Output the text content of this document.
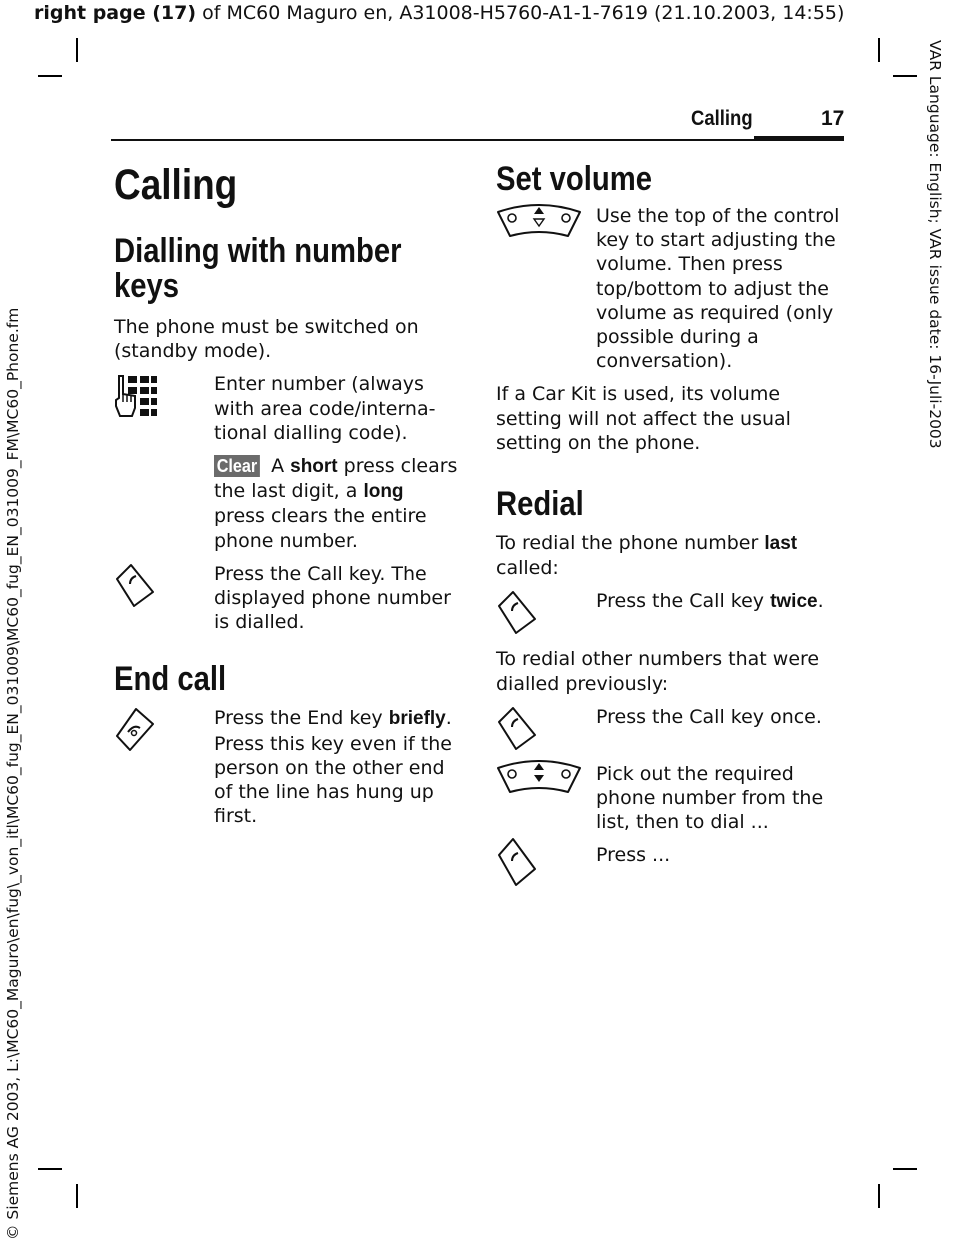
right page (17) of MC60 Maguro en, A31008-H5760-A1-1-7619 (21.10.2003, 14:55)
© Siemens AG 2003, L:\MC60_Maguro\en\fug\_von_itl\MC60_fug_EN_031009\MC60_fug_EN_031009_FM\MC60_Phone.fm
VAR Language: English; VAR issue date: 16-Juli-2003
Calling	17
Calling
Dialling with number keys

The phone must be switched on (standby mode).

Enter number (always with area code/interna-tional dialling code).

Clear A short press clears the last digit, a long press clears the entire phone number.

Press the Call key. The displayed phone number is dialled.

End call

Press the End key briefly. Press this key even if the person on the other end of the line has hung up first.

Set volume

Use the top of the control key to start adjusting the volume. Then press top/bottom to adjust the volume as required (only possible during a conversation).

If a Car Kit is used, its volume setting will not affect the usual setting on the phone.

Redial

To redial the phone number last called:

Press the Call key twice.

To redial other numbers that were dialled previously:

Press the Call key once.

Pick out the required phone number from the list, then to dial ...

Press ...
